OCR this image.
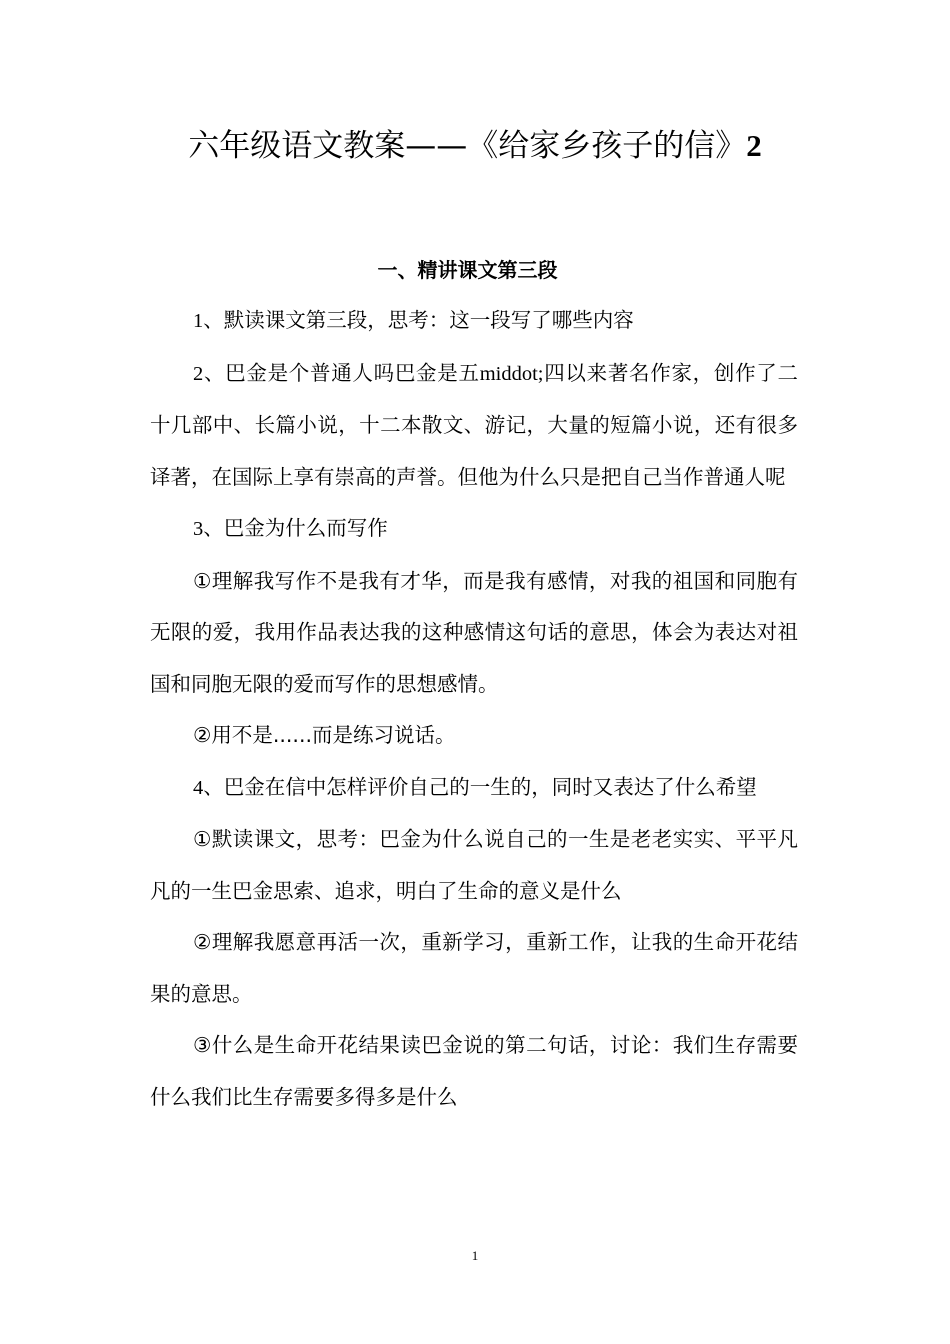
六年级语文教案——《给家乡孩子的信》2
一、精讲课文第三段

1、默读课文第三段，思考：这一段写了哪些内容

2、巴金是个普通人吗巴金是五middot;四以来著名作家，创作了二十几部中、长篇小说，十二本散文、游记，大量的短篇小说，还有很多译著，在国际上享有崇高的声誉。但他为什么只是把自己当作普通人呢

3、巴金为什么而写作

①理解我写作不是我有才华，而是我有感情，对我的祖国和同胞有无限的爱，我用作品表达我的这种感情这句话的意思，体会为表达对祖国和同胞无限的爱而写作的思想感情。

②用不是......而是练习说话。

4、巴金在信中怎样评价自己的一生的，同时又表达了什么希望

①默读课文，思考：巴金为什么说自己的一生是老老实实、平平凡凡的一生巴金思索、追求，明白了生命的意义是什么

②理解我愿意再活一次，重新学习，重新工作，让我的生命开花结果的意思。

③什么是生命开花结果读巴金说的第二句话，讨论：我们生存需要什么我们比生存需要多得多是什么

1
